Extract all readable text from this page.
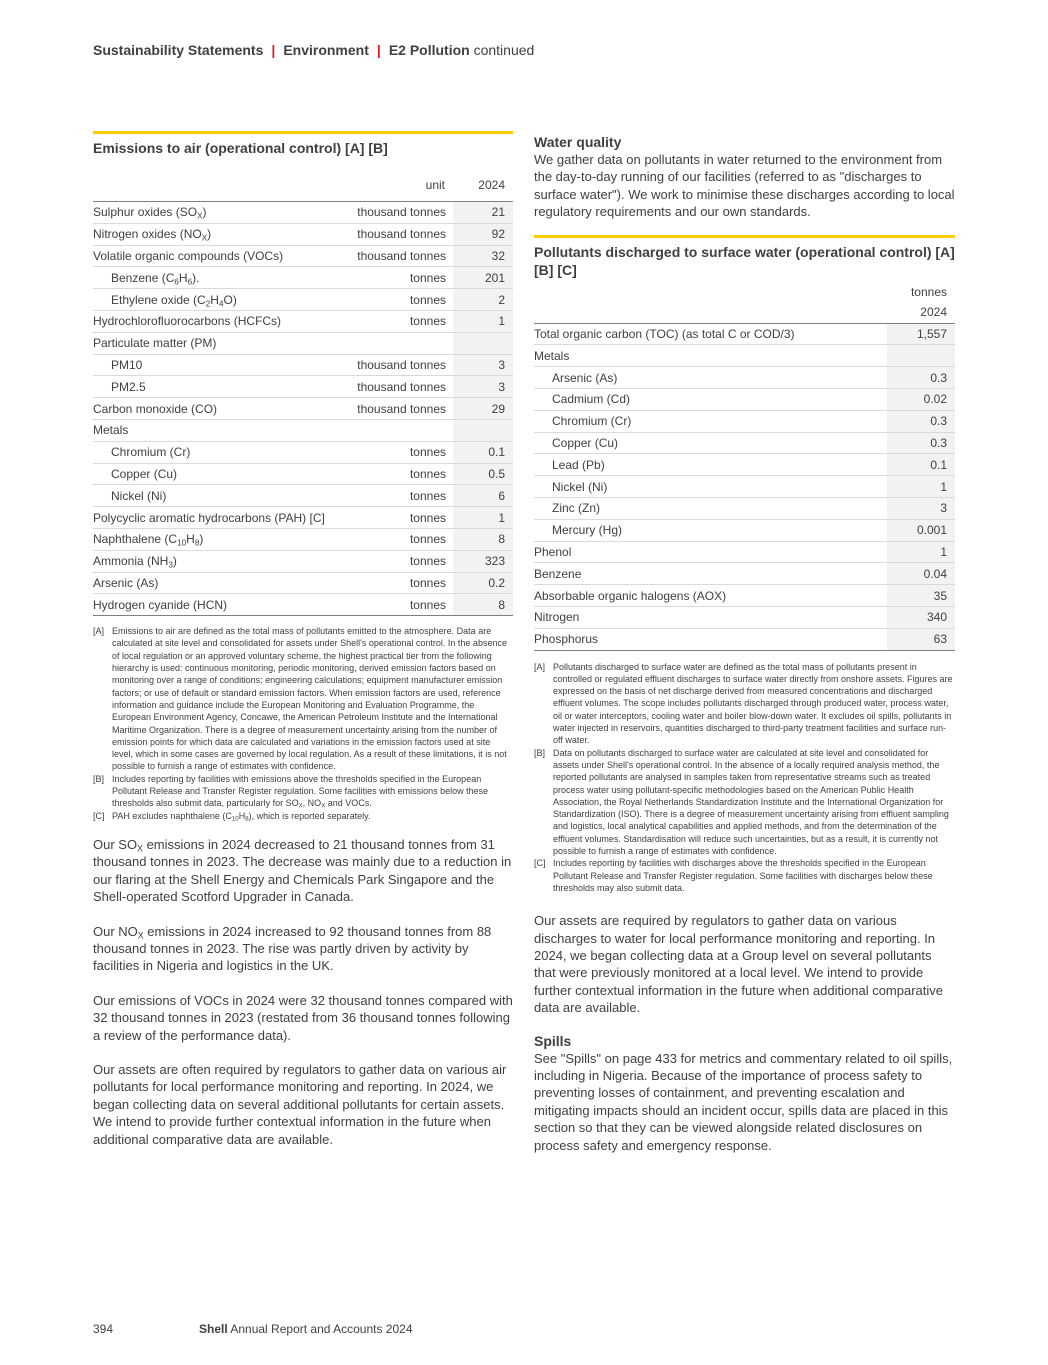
Sustainability Statements | Environment | E2 Pollution continued
Emissions to air (operational control) [A] [B]
unit	2024
Sulphur oxides $(SO_X)$	thousand tonnes	21
Nitrogen oxides $(NO_X)$	thousand tonnes	92
Volatile organic compounds (VOCs)	thousand tonnes	32
Benzene $(C_6H_6)$.	tonnes	201
Ethylene oxide $(C_2H_4O)$	tonnes	2
Hydrochlorofluorocarbons (HCFCs)	tonnes	1
Particulate matter (PM)		
PM10	thousand tonnes	3
PM2.5	thousand tonnes	3
Carbon monoxide (CO)	thousand tonnes	29
Metals		
Chromium (Cr)	tonnes	0.1
Copper (Cu)	tonnes	0.5
Nickel (Ni)	tonnes	6
Polycyclic aromatic hydrocarbons (PAH) [C]	tonnes	1
Naphthalene $(C_{10}H_8)$	tonnes	8
Ammonia $(NH_3)$	tonnes	323
Arsenic (As)	tonnes	0.2
Hydrogen cyanide (HCN)	tonnes	8
[A] Emissions to air are defined as the total mass of pollutants emitted to the atmosphere. Data are calculated at site level and consolidated for assets under Shell's operational control. In the absence of local regulation or an approved voluntary scheme, the highest practical tier from the following hierarchy is used: continuous monitoring, periodic monitoring, derived emission factors based on monitoring over a range of conditions; engineering calculations; equipment manufacturer emission factors; or use of default or standard emission factors. When emission factors are used, reference information and guidance include the European Monitoring and Evaluation Programme, the European Environment Agency, Concawe, the American Petroleum Institute and the International Maritime Organization. There is a degree of measurement uncertainty arising from the number of emission points for which data are calculated and variations in the emission factors used at site level, which in some cases are governed by local regulation. As a result of these limitations, it is not possible to furnish a range of estimates with confidence.
[B] Includes reporting by facilities with emissions above the thresholds specified in the European Pollutant Release and Transfer Register regulation. Some facilities with emissions below these thresholds also submit data, particularly for $SO_X$, $NO_X$ and VOCs.
[C] PAH excludes naphthalene $(C_{10}H_8)$, which is reported separately.

Our $SO_X$ emissions in 2024 decreased to 21 thousand tonnes from 31 thousand tonnes in 2023. The decrease was mainly due to a reduction in our flaring at the Shell Energy and Chemicals Park Singapore and the Shell-operated Scotford Upgrader in Canada.

Our $NO_X$ emissions in 2024 increased to 92 thousand tonnes from 88 thousand tonnes in 2023. The rise was partly driven by activity by facilities in Nigeria and logistics in the UK.

Our emissions of VOCs in 2024 were 32 thousand tonnes compared with 32 thousand tonnes in 2023 (restated from 36 thousand tonnes following a review of the performance data).

Our assets are often required by regulators to gather data on various air pollutants for local performance monitoring and reporting. In 2024, we began collecting data on several additional pollutants for certain assets. We intend to provide further contextual information in the future when additional comparative data are available.

Water quality

We gather data on pollutants in water returned to the environment from the day-to-day running of our facilities (referred to as "discharges to surface water"). We work to minimise these discharges according to local regulatory requirements and our own standards.

Pollutants discharged to surface water (operational control) [A] [B] [C]
tonnes
2024
Total organic carbon (TOC) (as total C or COD/3)	1,557
Metals	
Arsenic (As)	0.3
Cadmium (Cd)	0.02
Chromium (Cr)	0.3
Copper (Cu)	0.3
Lead (Pb)	0.1
Nickel (Ni)	1
Zinc (Zn)	3
Mercury (Hg)	0.001
Phenol	1
Benzene	0.04
Absorbable organic halogens (AOX)	35
Nitrogen	340
Phosphorus	63
[A] Pollutants discharged to surface water are defined as the total mass of pollutants present in controlled or regulated effluent discharges to surface water directly from onshore assets. Figures are expressed on the basis of net discharge derived from measured concentrations and discharged effluent volumes. The scope includes pollutants discharged through produced water, process water, oil or water interceptors, cooling water and boiler blow-down water. It excludes oil spills, pollutants in water injected in reservoirs, quantities discharged to third-party treatment facilities and surface run-off water.
[B] Data on pollutants discharged to surface water are calculated at site level and consolidated for assets under Shell's operational control. In the absence of a locally required analysis method, the reported pollutants are analysed in samples taken from representative streams such as treated process water using pollutant-specific methodologies based on the American Public Health Association, the Royal Netherlands Standardization Institute and the International Organization for Standardization (ISO). There is a degree of measurement uncertainty arising from effluent sampling and logistics, local analytical capabilities and applied methods, and from the determination of the effluent volumes. Standardisation will reduce such uncertainties, but as a result, it is currently not possible to furnish a range of estimates with confidence.
[C] Includes reporting by facilities with discharges above the thresholds specified in the European Pollutant Release and Transfer Register regulation. Some facilities with discharges below these thresholds may also submit data.

Our assets are required by regulators to gather data on various discharges to water for local performance monitoring and reporting. In 2024, we began collecting data at a Group level on several pollutants that were previously monitored at a local level. We intend to provide further contextual information in the future when additional comparative data are available.

Spills

See "Spills" on page 433 for metrics and commentary related to oil spills, including in Nigeria. Because of the importance of process safety to preventing losses of containment, and preventing escalation and mitigating impacts should an incident occur, spills data are placed in this section so that they can be viewed alongside related disclosures on process safety and emergency response.

394	Shell Annual Report and Accounts 2024
